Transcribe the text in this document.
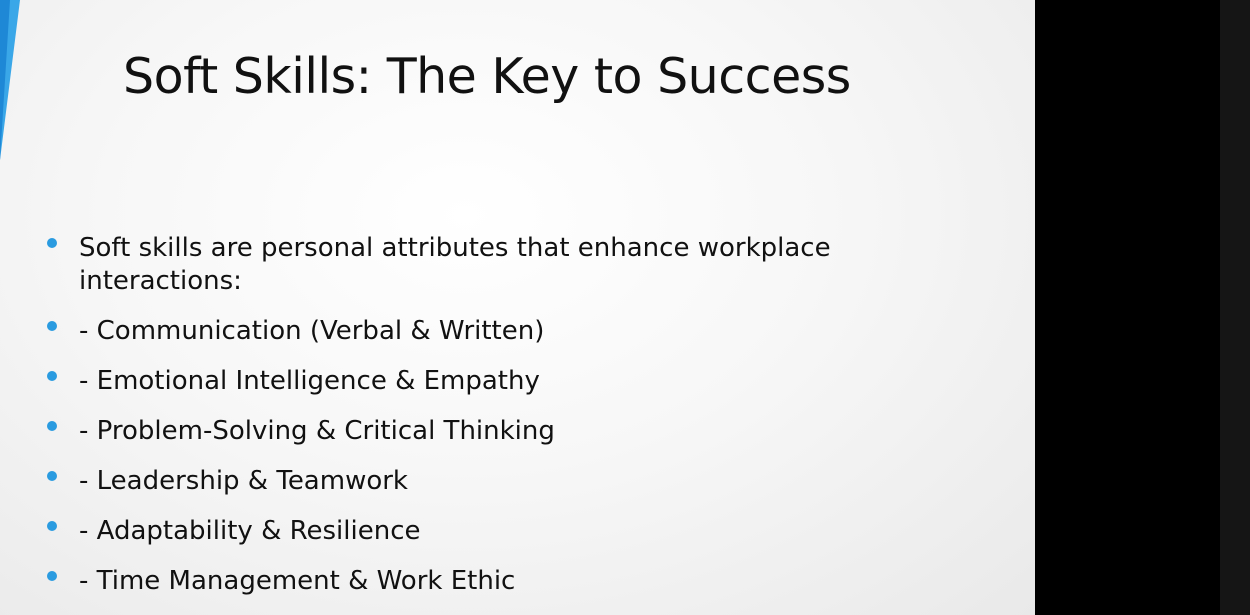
Soft Skills: The Key to Success
Soft skills are personal attributes that enhance workplace interactions:
- Communication (Verbal & Written)
- Emotional Intelligence & Empathy
- Problem-Solving & Critical Thinking
- Leadership & Teamwork
- Adaptability & Resilience
- Time Management & Work Ethic
